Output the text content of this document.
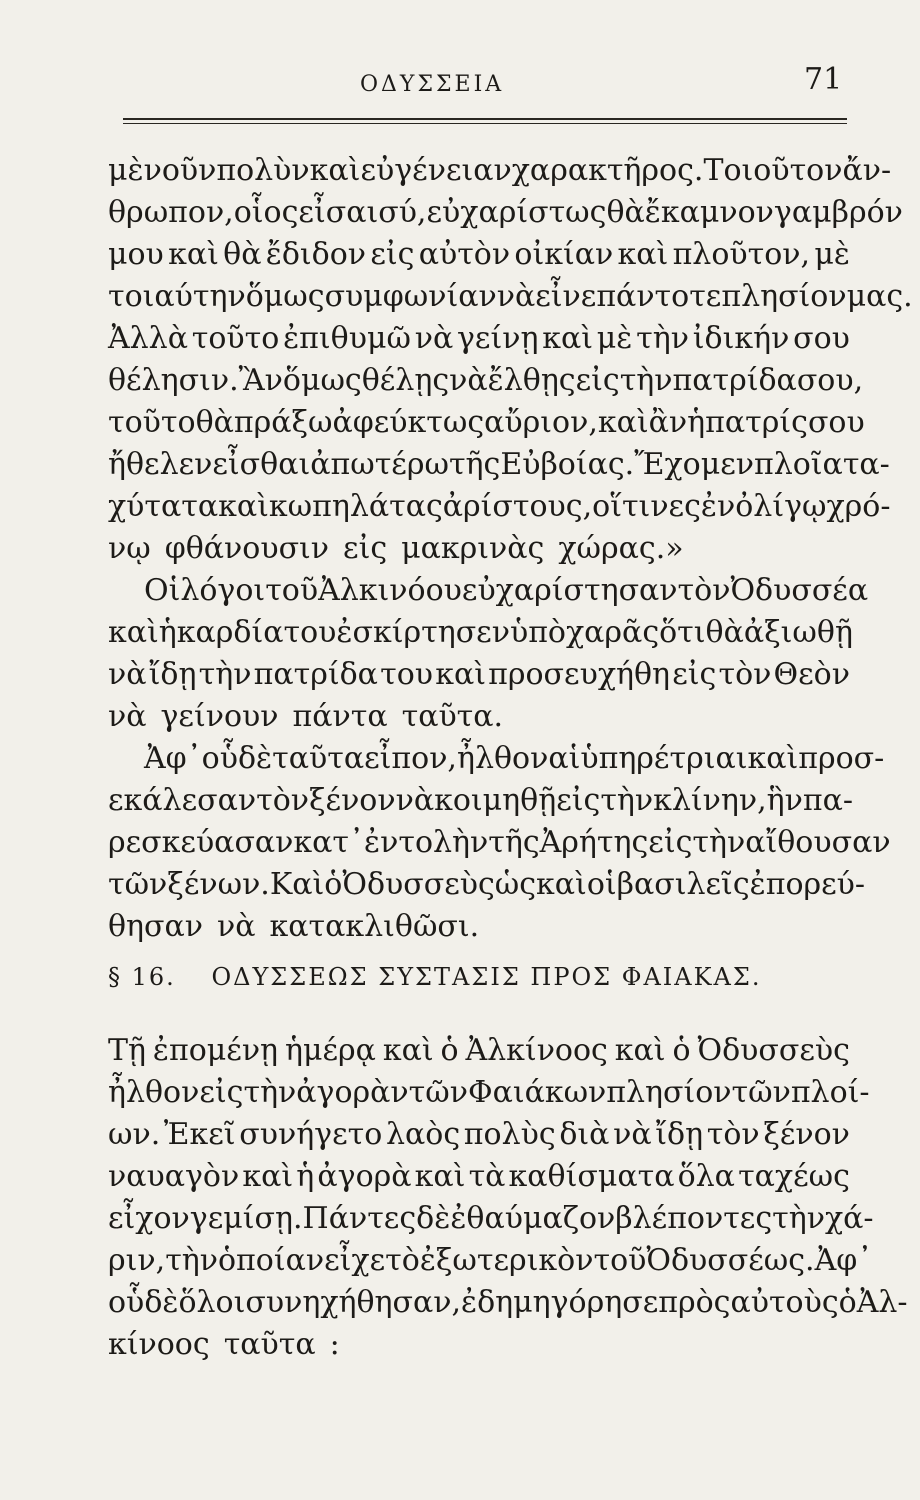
ΟΔΥΣΣΕΙΑ	71
μὲ νοῦν πολὺν καὶ εὐγένειαν χαρακτῆρος. Τοιοῦτον ἄν-
θρωπον, οἷος εἶσαι σύ, εὐχαρίστως θὰ ἔκαμνον γαμβρόν
μου καὶ θὰ ἔδιδον εἰς αὐτὸν οἰκίαν καὶ πλοῦτον, μὲ
τοιαύτην ὅμως συμφωνίαν νὰ εἶνε πάντοτε πλησίον μας.
Ἀλλὰ τοῦτο ἐπιθυμῶ νὰ γείνῃ καὶ μὲ τὴν ἰδικήν σου
θέλησιν. Ἂν ὅμως θέλῃς νὰ ἔλθῃς εἰς τὴν πατρίδα σου,
τοῦτο θὰ πράξω ἀφεύκτως αὔριον, καὶ ἂν ἡ πατρίς σου
ἤθελεν εἶσθαι ἀπωτέρω τῆς Εὐβοίας. Ἔχομεν πλοῖα τα-
χύτατα καὶ κωπηλάτας ἀρίστους, οἵτινες ἐν ὀλίγῳ χρό-
νῳ φθάνουσιν εἰς μακρινὰς χώρας.»
Οἱ λόγοι τοῦ Ἀλκινόου εὐχαρίστησαν τὸν Ὀδυσσέα
καὶ ἡ καρδία του ἐσκίρτησεν ὑπὸ χαρᾶς ὅτι θὰ ἀξιωθῇ
νὰ ἴδῃ τὴν πατρίδα του καὶ προσευχήθη εἰς τὸν Θεὸν
νὰ γείνουν πάντα ταῦτα.
Ἀφ᾽ οὗ δὲ ταῦτα εἶπον, ἦλθον αἱ ὑπηρέτριαι καὶ προσ-
εκάλεσαν τὸν ξένον νὰ κοιμηθῇ εἰς τὴν κλίνην, ἣν πα-
ρεσκεύασαν κατ᾽ ἐντολὴν τῆς Ἀρήτης εἰς τὴν αἴθουσαν
τῶν ξένων. Καὶ ὁ Ὀδυσσεὺς ὡς καὶ οἱ βασιλεῖς ἐπορεύ-
θησαν νὰ κατακλιθῶσι.
§ 16. ΟΔΥΣΣΕΩΣ ΣΥΣΤΑΣΙΣ ΠΡΟΣ ΦΑΙΑΚΑΣ.
Τῇ ἐπομένῃ ἡμέρᾳ καὶ ὁ Ἀλκίνοος καὶ ὁ Ὀδυσσεὺς
ἦλθον εἰς τὴν ἀγορὰν τῶν Φαιάκων πλησίον τῶν πλοί-
ων. Ἐκεῖ συνήγετο λαὸς πολὺς διὰ νὰ ἴδῃ τὸν ξένον
ναυαγὸν καὶ ἡ ἀγορὰ καὶ τὰ καθίσματα ὅλα ταχέως
εἶχον γεμίσῃ. Πάντες δὲ ἐθαύμαζον βλέποντες τὴν χά-
ριν, τὴν ὁποίαν εἶχε τὸ ἐξωτερικὸν τοῦ Ὀδυσσέως. Ἀφ᾽
οὗ δὲ ὅλοι συνηχήθησαν, ἐδημηγόρησε πρὸς αὐτοὺς ὁ Ἀλ-
κίνοος ταῦτα :
